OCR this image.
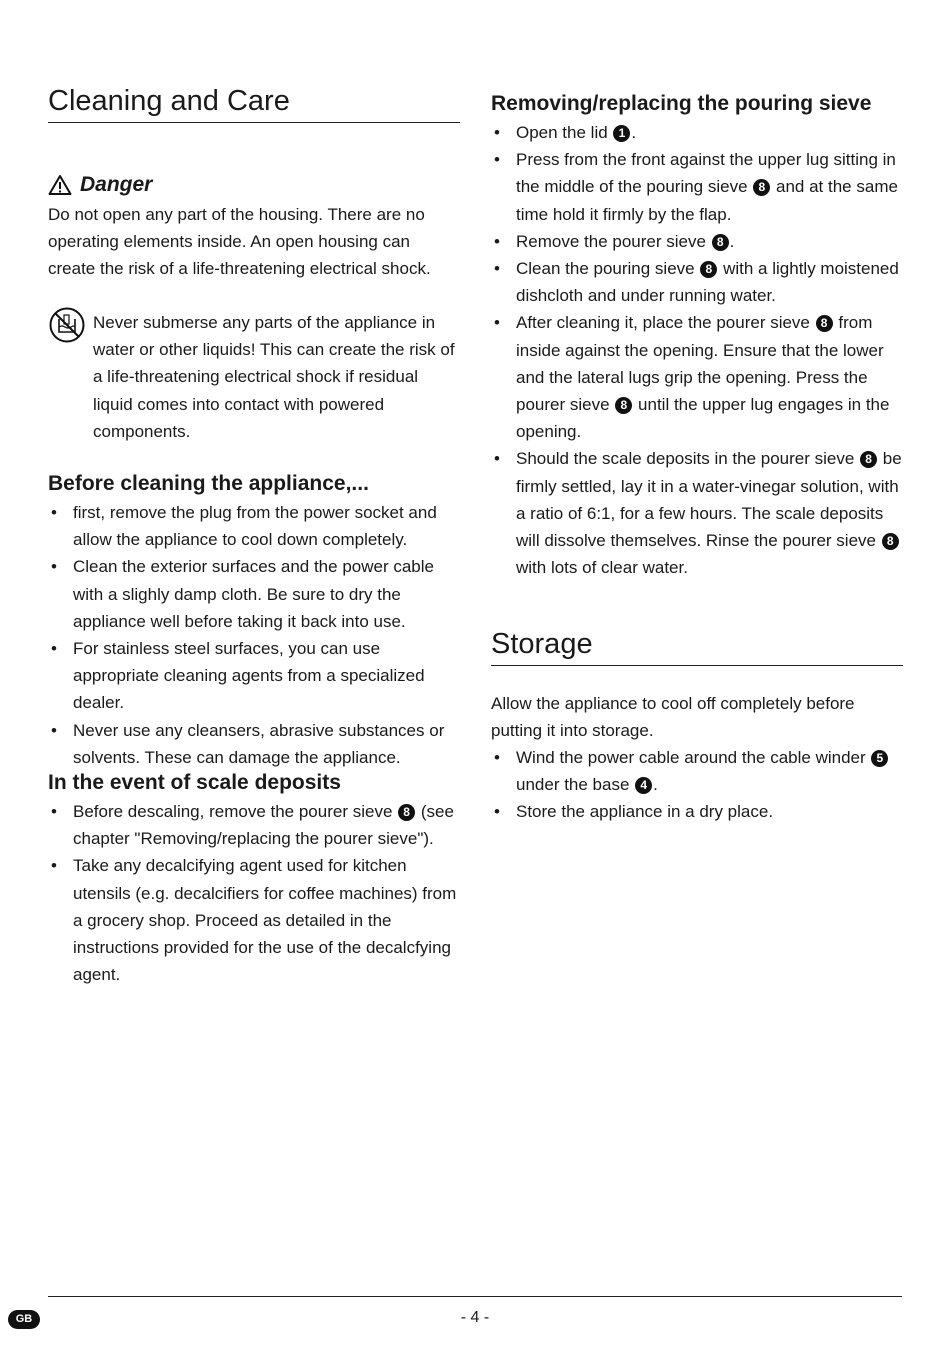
Cleaning and Care
Danger

Do not open any part of the housing. There are no operating elements inside. An open housing can create the risk of a life-threatening electrical shock.

Never submerse any parts of the appliance in water or other liquids! This can create the risk of a life-threatening electrical shock if residual liquid comes into contact with powered components.

Before cleaning the appliance,...
• first, remove the plug from the power socket and allow the appliance to cool down completely.
• Clean the exterior surfaces and the power cable with a slighly damp cloth. Be sure to dry the appliance well before taking it back into use.
• For stainless steel surfaces, you can use appropriate cleaning agents from a specialized dealer.
• Never use any cleansers, abrasive substances or solvents. These can damage the appliance.
In the event of scale deposits
• Before descaling, remove the pourer sieve 8 (see chapter "Removing/replacing the pourer sieve").
• Take any decalcifying agent used for kitchen utensils (e.g. decalcifiers for coffee machines) from a grocery shop. Proceed as detailed in the instructions provided for the use of the decalcfying agent.
Removing/replacing the pouring sieve
• Open the lid 1 .
• Press from the front against the upper lug sitting in the middle of the pouring sieve 8 and at the same time hold it firmly by the flap.
• Remove the pourer sieve 8 .
• Clean the pouring sieve 8 with a lightly moistened dishcloth and under running water.
• After cleaning it, place the pourer sieve 8 from inside against the opening. Ensure that the lower and the lateral lugs grip the opening. Press the pourer sieve 8 until the upper lug engages in the opening.
• Should the scale deposits in the pourer sieve 8 be firmly settled, lay it in a water-vinegar solution, with a ratio of 6:1, for a few hours. The scale deposits will dissolve themselves. Rinse the pourer sieve 8 with lots of clear water.
Storage

Allow the appliance to cool off completely before putting it into storage.

• Wind the power cable around the cable winder 5 under the base 4 .
• Store the appliance in a dry place.
GB	- 4 -
